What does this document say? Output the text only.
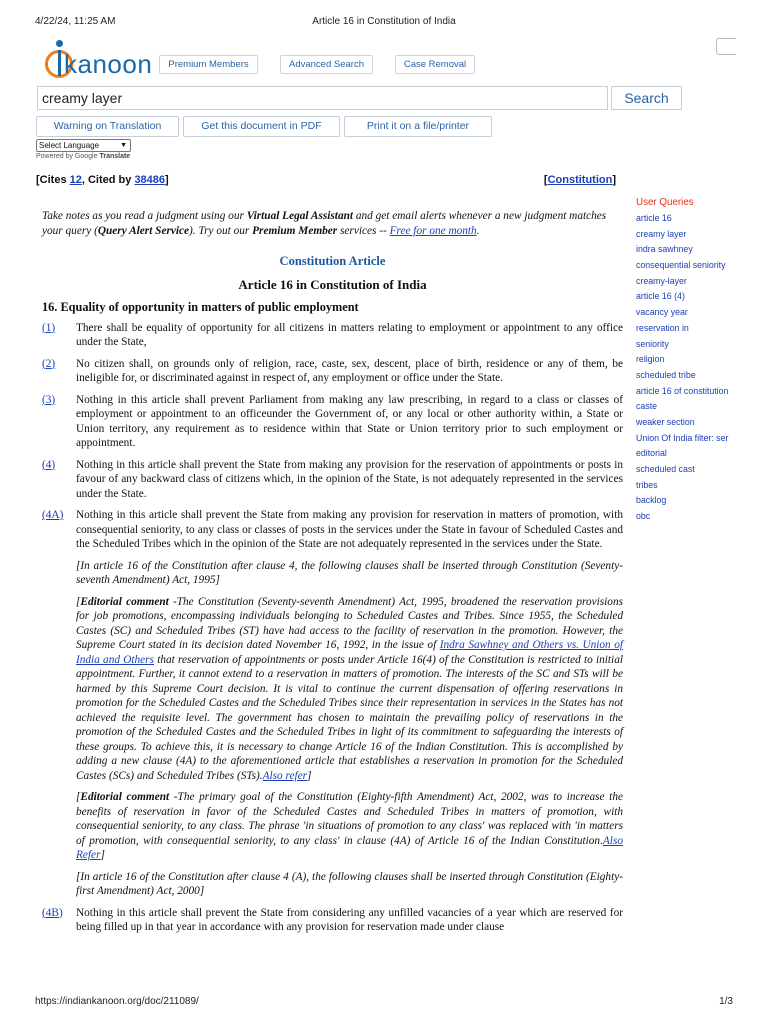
4/22/24, 11:25 AM	Article 16 in Constitution of India
kanoon	Premium Members	Advanced Search	Case Removal
creamy layer	Search
Warning on Translation	Get this document in PDF	Print it on a file/printer
Select Language	▼
Powered by Google Translate
[Cites 12, Cited by 38486]	[Constitution]

Take notes as you read a judgment using our Virtual Legal Assistant and get email alerts whenever a new judgment matches your query (Query Alert Service). Try out our Premium Member services -- Free for one month.

Constitution Article
Article 16 in Constitution of India
16. Equality of opportunity in matters of public employment
(1)	There shall be equality of opportunity for all citizens in matters relating to employment or appointment to any office under the State,
(2)	No citizen shall, on grounds only of religion, race, caste, sex, descent, place of birth, residence or any of them, be ineligible for, or discriminated against in respect of, any employment or office under the State.
(3)	Nothing in this article shall prevent Parliament from making any law prescribing, in regard to a class or classes of employment or appointment to an officeunder the Government of, or any local or other authority within, a State or Union territory, any requirement as to residence within that State or Union territory prior to such employment or appointment.
(4)	Nothing in this article shall prevent the State from making any provision for the reservation of appointments or posts in favour of any backward class of citizens which, in the opinion of the State, is not adequately represented in the services under the State.
(4A)	Nothing in this article shall prevent the State from making any provision for reservation in matters of promotion, with consequential seniority, to any class or classes of posts in the services under the State in favour of Scheduled Castes and the Scheduled Tribes which in the opinion of the State are not adequately represented in the services under the State.

[In article 16 of the Constitution after clause 4, the following clauses shall be inserted through Constitution (Seventy-seventh Amendment) Act, 1995]

[Editorial comment -The Constitution (Seventy-seventh Amendment) Act, 1995, broadened the reservation provisions for job promotions, encompassing individuals belonging to Scheduled Castes and Tribes. Since 1955, the Scheduled Castes (SC) and Scheduled Tribes (ST) have had access to the facility of reservation in the promotion. However, the Supreme Court stated in its decision dated November 16, 1992, in the issue of Indra Sawhney and Others vs. Union of India and Others that reservation of appointments or posts under Article 16(4) of the Constitution is restricted to initial appointment. Further, it cannot extend to a reservation in matters of promotion. The interests of the SC and STs will be harmed by this Supreme Court decision. It is vital to continue the current dispensation of offering reservations in promotion for the Scheduled Castes and the Scheduled Tribes since their representation in services in the States has not achieved the requisite level. The government has chosen to maintain the prevailing policy of reservations in the promotion of the Scheduled Castes and the Scheduled Tribes in light of its commitment to safeguarding the interests of these groups. To achieve this, it is necessary to change Article 16 of the Indian Constitution. This is accomplished by adding a new clause (4A) to the aforementioned article that establishes a reservation in promotion for the Scheduled Castes (SCs) and Scheduled Tribes (STs).Also refer]

[Editorial comment -The primary goal of the Constitution (Eighty-fifth Amendment) Act, 2002, was to increase the benefits of reservation in favor of the Scheduled Castes and Scheduled Tribes in matters of promotion, with consequential seniority, to any class. The phrase 'in situations of promotion to any class' was replaced with 'in matters of promotion, with consequential seniority, to any class' in clause (4A) of Article 16 of the Indian Constitution.Also Refer]

[In article 16 of the Constitution after clause 4 (A), the following clauses shall be inserted through Constitution (Eighty-first Amendment) Act, 2000]

(4B)	Nothing in this article shall prevent the State from considering any unfilled vacancies of a year which are reserved for being filled up in that year in accordance with any provision for reservation made under clause
User Queries
article 16
creamy layer
indra sawhney
consequential seniority
creamy-layer
article 16 (4)
vacancy year
reservation in
seniority
religion
scheduled tribe
article 16 of constitution
caste
weaker section
Union Of India filter: ser
editorial
scheduled cast
tribes
backlog
obc
https://indiankanoon.org/doc/211089/	1/3
